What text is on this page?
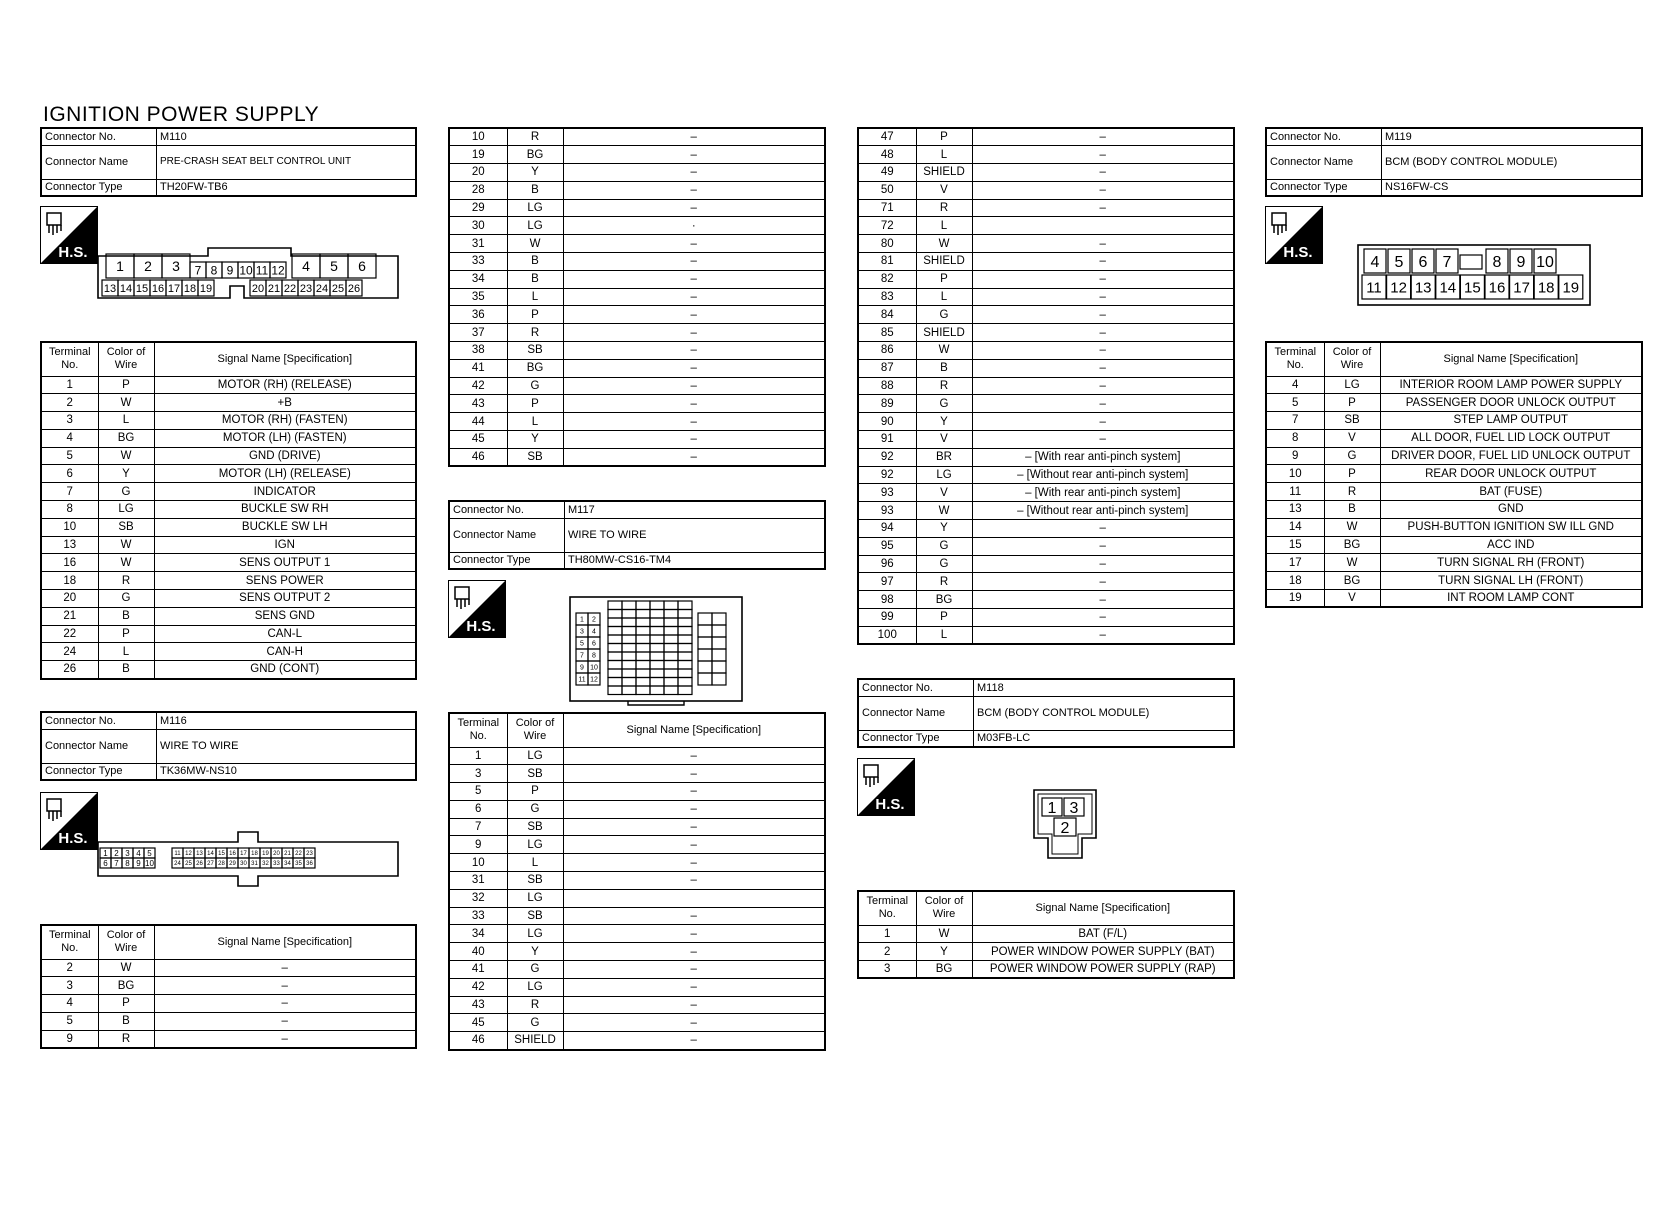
IGNITION POWER SUPPLY
Connector No.	M110
Connector Name	PRE-CRASH SEAT BELT CONTROL UNIT
Connector Type	TH20FW-TB6
H.S.
1 2 3 7 8 9 10 11 12 4 5 6
13 14 15 16 17 18 19	20 21 22 23 24 25 26
Terminal No.	Color of Wire	Signal Name [Specification]
1	P	MOTOR (RH) (RELEASE)
2	W	+B
3	L	MOTOR (RH) (FASTEN)
4	BG	MOTOR (LH) (FASTEN)
5	W	GND (DRIVE)
6	Y	MOTOR (LH) (RELEASE)
7	G	INDICATOR
8	LG	BUCKLE SW RH
10	SB	BUCKLE SW LH
13	W	IGN
16	W	SENS OUTPUT 1
18	R	SENS POWER
20	G	SENS OUTPUT 2
21	B	SENS GND
22	P	CAN-L
24	L	CAN-H
26	B	GND (CONT)
Connector No.	M116
Connector Name	WIRE TO WIRE
Connector Type	TK36MW-NS10
H.S.
1 2 3 4 5
6 7 8 9 10
11 12 13 14 15 16 17 18 19 20 21 22 23
24 25 26 27 28 29 30 31 32 33 34 35 36
Terminal No.	Color of Wire	Signal Name [Specification]
2	W	–
3	BG	–
4	P	–
5	B	–
9	R	–
10	R	–
19	BG	–
20	Y	–
28	B	–
29	LG	–
30	LG	·
31	W	–
33	B	–
34	B	–
35	L	–
36	P	–
37	R	–
38	SB	–
41	BG	–
42	G	–
43	P	–
44	L	–
45	Y	–
46	SB	–
Connector No.	M117
Connector Name	WIRE TO WIRE
Connector Type	TH80MW-CS16-TM4
H.S.	1 2
3 4
5 6
7 8
9 10
11 12
Terminal No.	Color of Wire	Signal Name [Specification]
1	LG	–
3	SB	–
5	P	–
6	G	–
7	SB	–
9	LG	–
10	L	–
31	SB	–
32	LG	
33	SB	–
34	LG	–
40	Y	–
41	G	–
42	LG	–
43	R	–
45	G	–
46	SHIELD	–
47	P	–
48	L	–
49	SHIELD	–
50	V	–
71	R	–
72	L	
80	W	–
81	SHIELD	–
82	P	–
83	L	–
84	G	–
85	SHIELD	–
86	W	–
87	B	–
88	R	–
89	G	–
90	Y	–
91	V	–
92	BR	– [With rear anti-pinch system]
92	LG	– [Without rear anti-pinch system]
93	V	– [With rear anti-pinch system]
93	W	– [Without rear anti-pinch system]
94	Y	–
95	G	–
96	G	–
97	R	–
98	BG	–
99	P	–
100	L	–
Connector No.	M118
Connector Name	BCM (BODY CONTROL MODULE)
Connector Type	M03FB-LC
H.S.	1 3
2
Terminal No.	Color of Wire	Signal Name [Specification]
1	W	BAT (F/L)
2	Y	POWER WINDOW POWER SUPPLY (BAT)
3	BG	POWER WINDOW POWER SUPPLY (RAP)
Connector No.	M119
Connector Name	BCM (BODY CONTROL MODULE)
Connector Type	NS16FW-CS
H.S.
4 5 6 7	8 9 10
11 12 13 14 15 16 17 18 19
Terminal No.	Color of Wire	Signal Name [Specification]
4	LG	INTERIOR ROOM LAMP POWER SUPPLY
5	P	PASSENGER DOOR UNLOCK OUTPUT
7	SB	STEP LAMP OUTPUT
8	V	ALL DOOR, FUEL LID LOCK OUTPUT
9	G	DRIVER DOOR, FUEL LID UNLOCK OUTPUT
10	P	REAR DOOR UNLOCK OUTPUT
11	R	BAT (FUSE)
13	B	GND
14	W	PUSH-BUTTON IGNITION SW ILL GND
15	BG	ACC IND
17	W	TURN SIGNAL RH (FRONT)
18	BG	TURN SIGNAL LH (FRONT)
19	V	INT ROOM LAMP CONT
